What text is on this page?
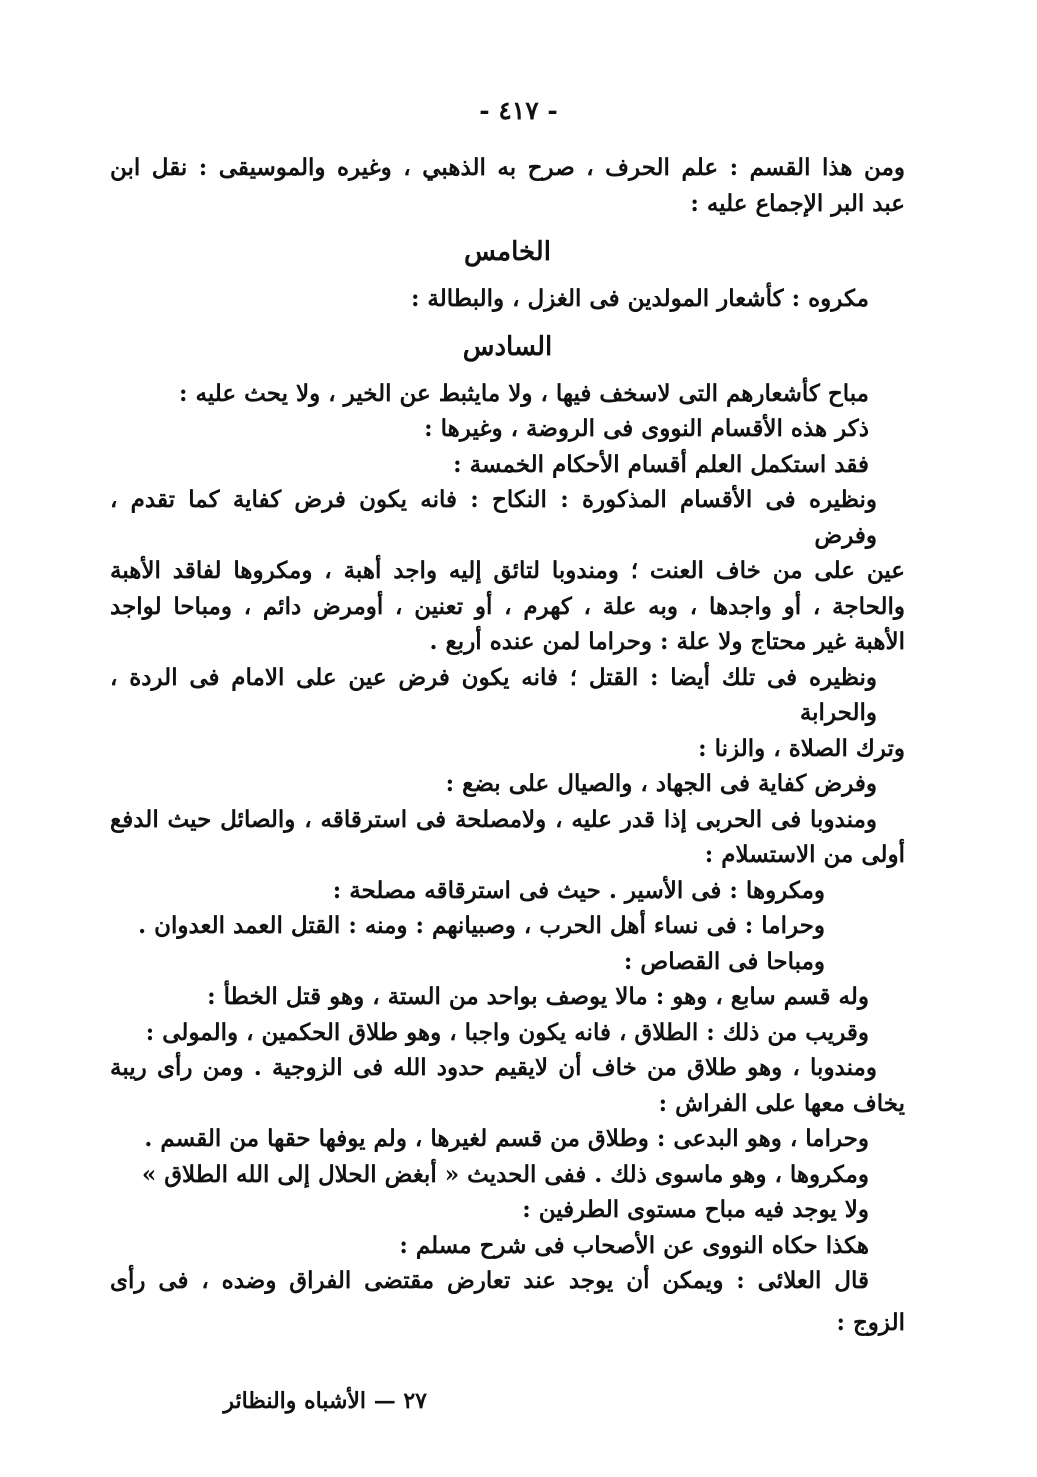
- ٤١٧ -

ومن هذا القسم : علم الحرف ، صرح به الذهبي ، وغيره والموسيقى : نقل ابن

عبد البر الإجماع عليه :

الخامس

مكروه : كأشعار المولدين فى الغزل ، والبطالة :

السادس

مباح كأشعارهم التى لاسخف فيها ، ولا مايثبط عن الخير ، ولا يحث عليه :

ذكر هذه الأقسام النووى فى الروضة ، وغيرها :

فقد استكمل العلم أقسام الأحكام الخمسة :

ونظيره فى الأقسام المذكورة : النكاح : فانه يكون فرض كفاية كما تقدم ، وفرض

عين على من خاف العنت ؛ ومندوبا لتائق إليه واجد أهبة ، ومكروها لفاقد الأهبة

والحاجة ، أو واجدها ، وبه علة ، كهرم ، أو تعنين ، أومرض دائم ، ومباحا لواجد

الأهبة غير محتاج ولا علة : وحراما لمن عنده أربع .

ونظيره فى تلك أيضا : القتل ؛ فانه يكون فرض عين على الامام فى الردة ، والحرابة

وترك الصلاة ، والزنا :

وفرض كفاية فى الجهاد ، والصيال على بضع :

ومندوبا فى الحربى إذا قدر عليه ، ولامصلحة فى استرقاقه ، والصائل حيث الدفع

أولى من الاستسلام :

ومكروها : فى الأسير . حيث فى استرقاقه مصلحة :

وحراما : فى نساء أهل الحرب ، وصبيانهم : ومنه : القتل العمد العدوان .

ومباحا فى القصاص :

وله قسم سابع ، وهو : مالا يوصف بواحد من الستة ، وهو قتل الخطأ :

وقريب من ذلك : الطلاق ، فانه يكون واجبا ، وهو طلاق الحكمين ، والمولى :

ومندوبا ، وهو طلاق من خاف أن لايقيم حدود الله فى الزوجية . ومن رأى ريبة

يخاف معها على الفراش :

وحراما ، وهو البدعى : وطلاق من قسم لغيرها ، ولم يوفها حقها من القسم .

ومكروها ، وهو ماسوى ذلك . ففى الحديث « أبغض الحلال إلى الله الطلاق »

ولا يوجد فيه مباح مستوى الطرفين :

هكذا حكاه النووى عن الأصحاب فى شرح مسلم :

قال العلائى : ويمكن أن يوجد عند تعارض مقتضى الفراق وضده ، فى رأى

الزوج :

٢٧ — الأشباه والنظائر
